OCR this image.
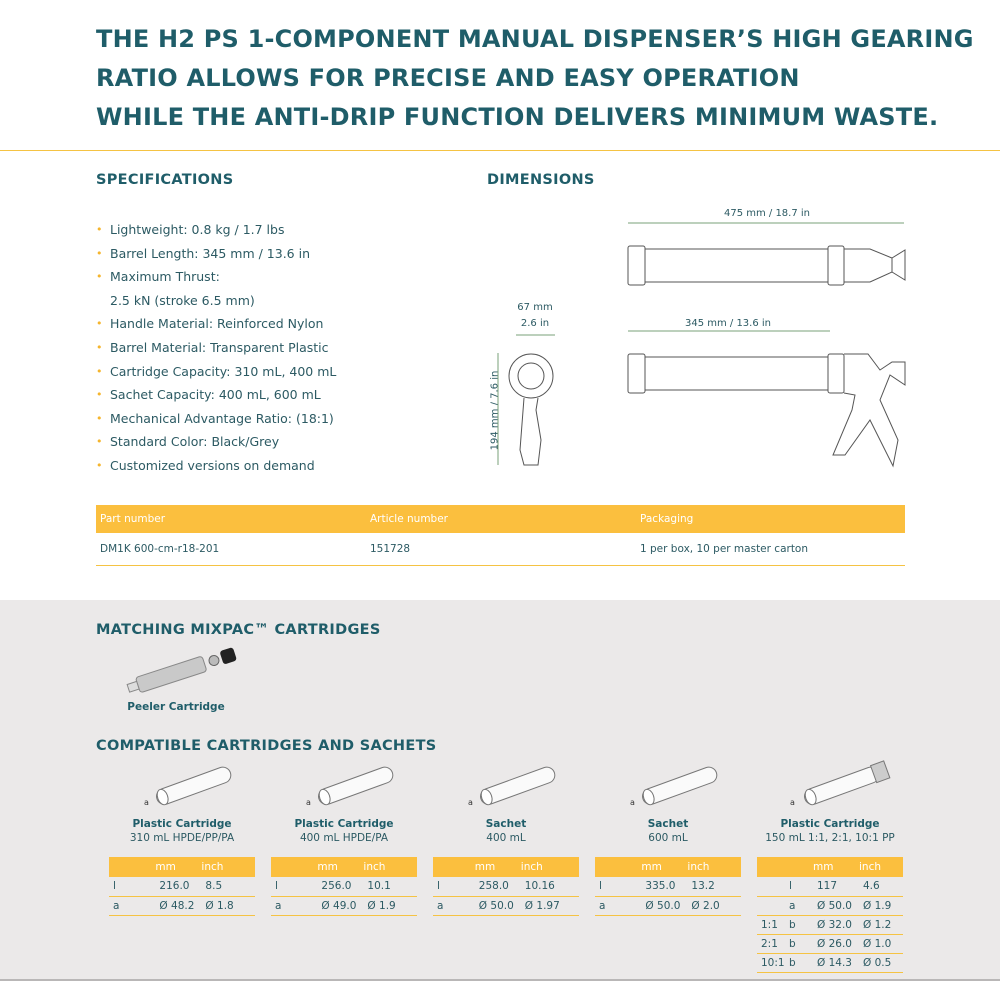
THE H2 PS 1-COMPONENT MANUAL DISPENSER’S HIGH GEARING
RATIO ALLOWS FOR PRECISE AND EASY OPERATION
WHILE THE ANTI-DRIP FUNCTION DELIVERS MINIMUM WASTE.
SPECIFICATIONS
• Lightweight: 0.8 kg / 1.7 lbs
• Barrel Length: 345 mm / 13.6 in
• Maximum Thrust:
2.5 kN (stroke 6.5 mm)
• Handle Material: Reinforced Nylon
• Barrel Material: Transparent Plastic
• Cartridge Capacity: 310 mL, 400 mL
• Sachet Capacity: 400 mL, 600 mL
• Mechanical Advantage Ratio: (18:1)
• Standard Color: Black/Grey
• Customized versions on demand
DIMENSIONS
475 mm / 18.7 in
345 mm / 13.6 in
67 mm
2.6 in
194 mm / 7.6 in
Part number	Article number	Packaging
DM1K 600-cm-r18-201	151728	1 per box, 10 per master carton
MATCHING MIXPAC™ CARTRIDGES
Peeler Cartridge
COMPATIBLE CARTRIDGES AND SACHETS
a
Plastic Cartridge
310 mL HPDE/PP/PA
	mm	inch
l	216.0	8.5
a	Ø 48.2	Ø 1.8
a
Plastic Cartridge
400 mL HPDE/PA
	mm	inch
l	256.0	10.1
a	Ø 49.0	Ø 1.9
a
Sachet
400 mL
	mm	inch
l	258.0	10.16
a	Ø 50.0	Ø 1.97
a
Sachet
600 mL
	mm	inch
l	335.0	13.2
a	Ø 50.0	Ø 2.0
a
Plastic Cartridge
150 mL 1:1, 2:1, 10:1 PP
		mm	inch
	l	117	4.6
	a	Ø 50.0	Ø 1.9
1:1	b	Ø 32.0	Ø 1.2
2:1	b	Ø 26.0	Ø 1.0
10:1	b	Ø 14.3	Ø 0.5
